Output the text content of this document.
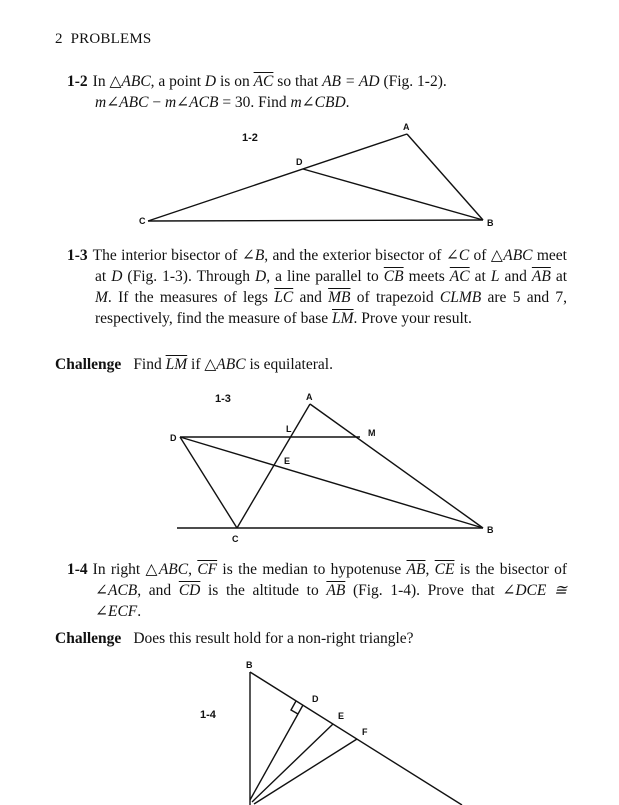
2 PROBLEMS
1-2 In △ABC, a point D is on $\overline{AC}$ so that AB = AD (Fig. 1-2).
m∠ABC − m∠ACB = 30. Find m∠CBD.
1-2
A
B
C
D
1-3 The interior bisector of ∠B, and the exterior bisector of ∠C of △ABC meet at D (Fig. 1-3). Through D, a line parallel to $\overline{CB}$ meets $\overline{AC}$ at L and $\overline{AB}$ at M. If the measures of legs $\overline{LC}$ and $\overline{MB}$ of trapezoid CLMB are 5 and 7, respectively, find the measure of base $\overline{LM}$. Prove your result.
Challenge Find $\overline{LM}$ if △ABC is equilateral.
1-3	A
B
C
D
E
L	M
1-4 In right △ABC, $\overline{CF}$ is the median to hypotenuse $\overline{AB}$, $\overline{CE}$ is the bisector of ∠ACB, and $\overline{CD}$ is the altitude to $\overline{AB}$ (Fig. 1-4). Prove that ∠DCE ≅ ∠ECF.
Challenge Does this result hold for a non-right triangle?
1-4
B
D
E
F
